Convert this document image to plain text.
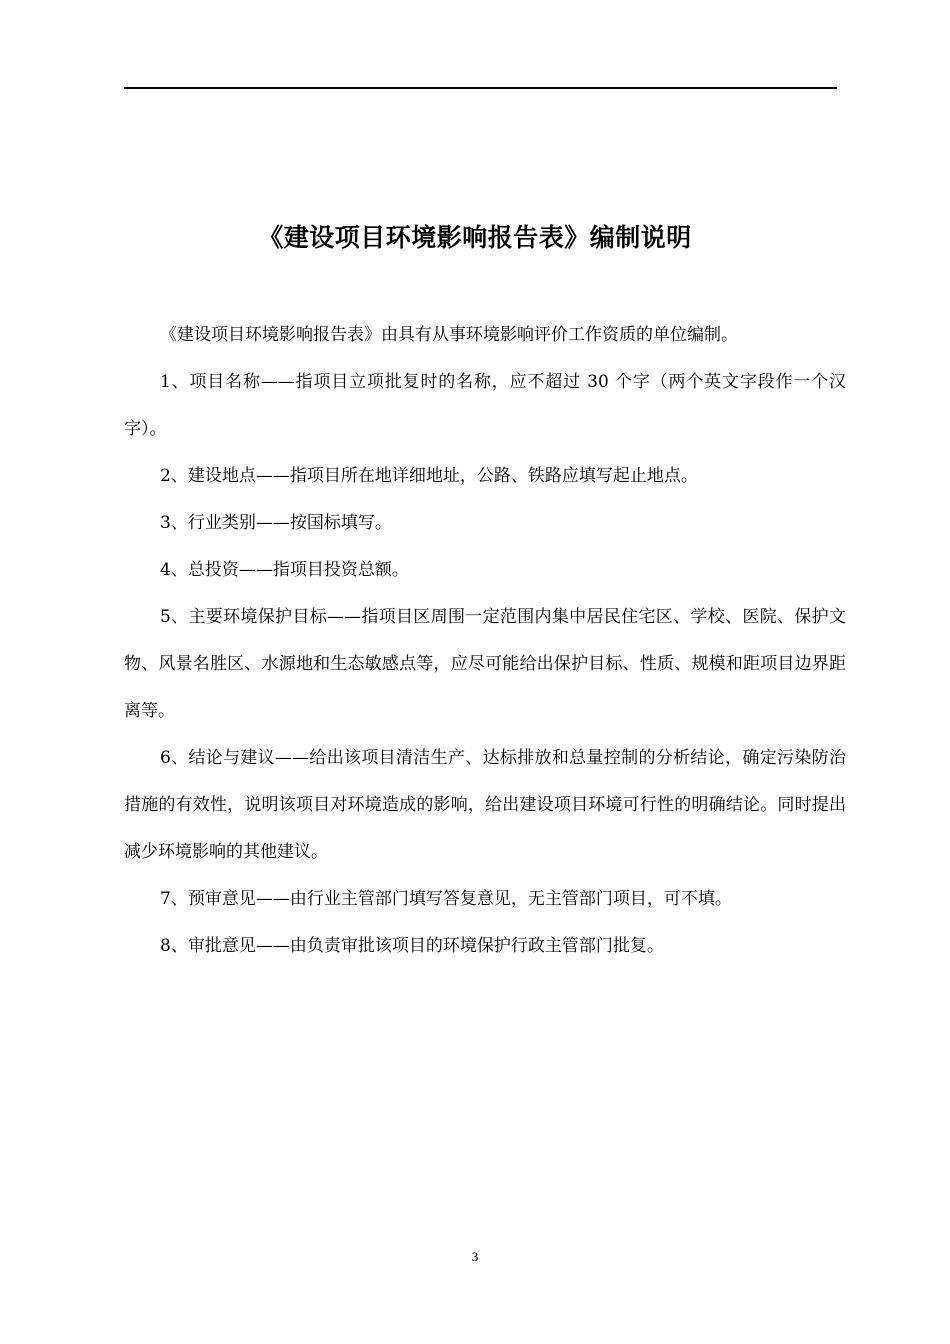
《建设项目环境影响报告表》编制说明

《建设项目环境影响报告表》由具有从事环境影响评价工作资质的单位编制。

1、项目名称——指项目立项批复时的名称，应不超过 30 个字（两个英文字段作一个汉字）。

2、建设地点——指项目所在地详细地址，公路、铁路应填写起止地点。

3、行业类别——按国标填写。

4、总投资——指项目投资总额。

5、主要环境保护目标——指项目区周围一定范围内集中居民住宅区、学校、医院、保护文物、风景名胜区、水源地和生态敏感点等，应尽可能给出保护目标、性质、规模和距项目边界距离等。

6、结论与建议——给出该项目清洁生产、达标排放和总量控制的分析结论，确定污染防治措施的有效性，说明该项目对环境造成的影响，给出建设项目环境可行性的明确结论。同时提出减少环境影响的其他建议。

7、预审意见——由行业主管部门填写答复意见，无主管部门项目，可不填。

8、审批意见——由负责审批该项目的环境保护行政主管部门批复。

3
